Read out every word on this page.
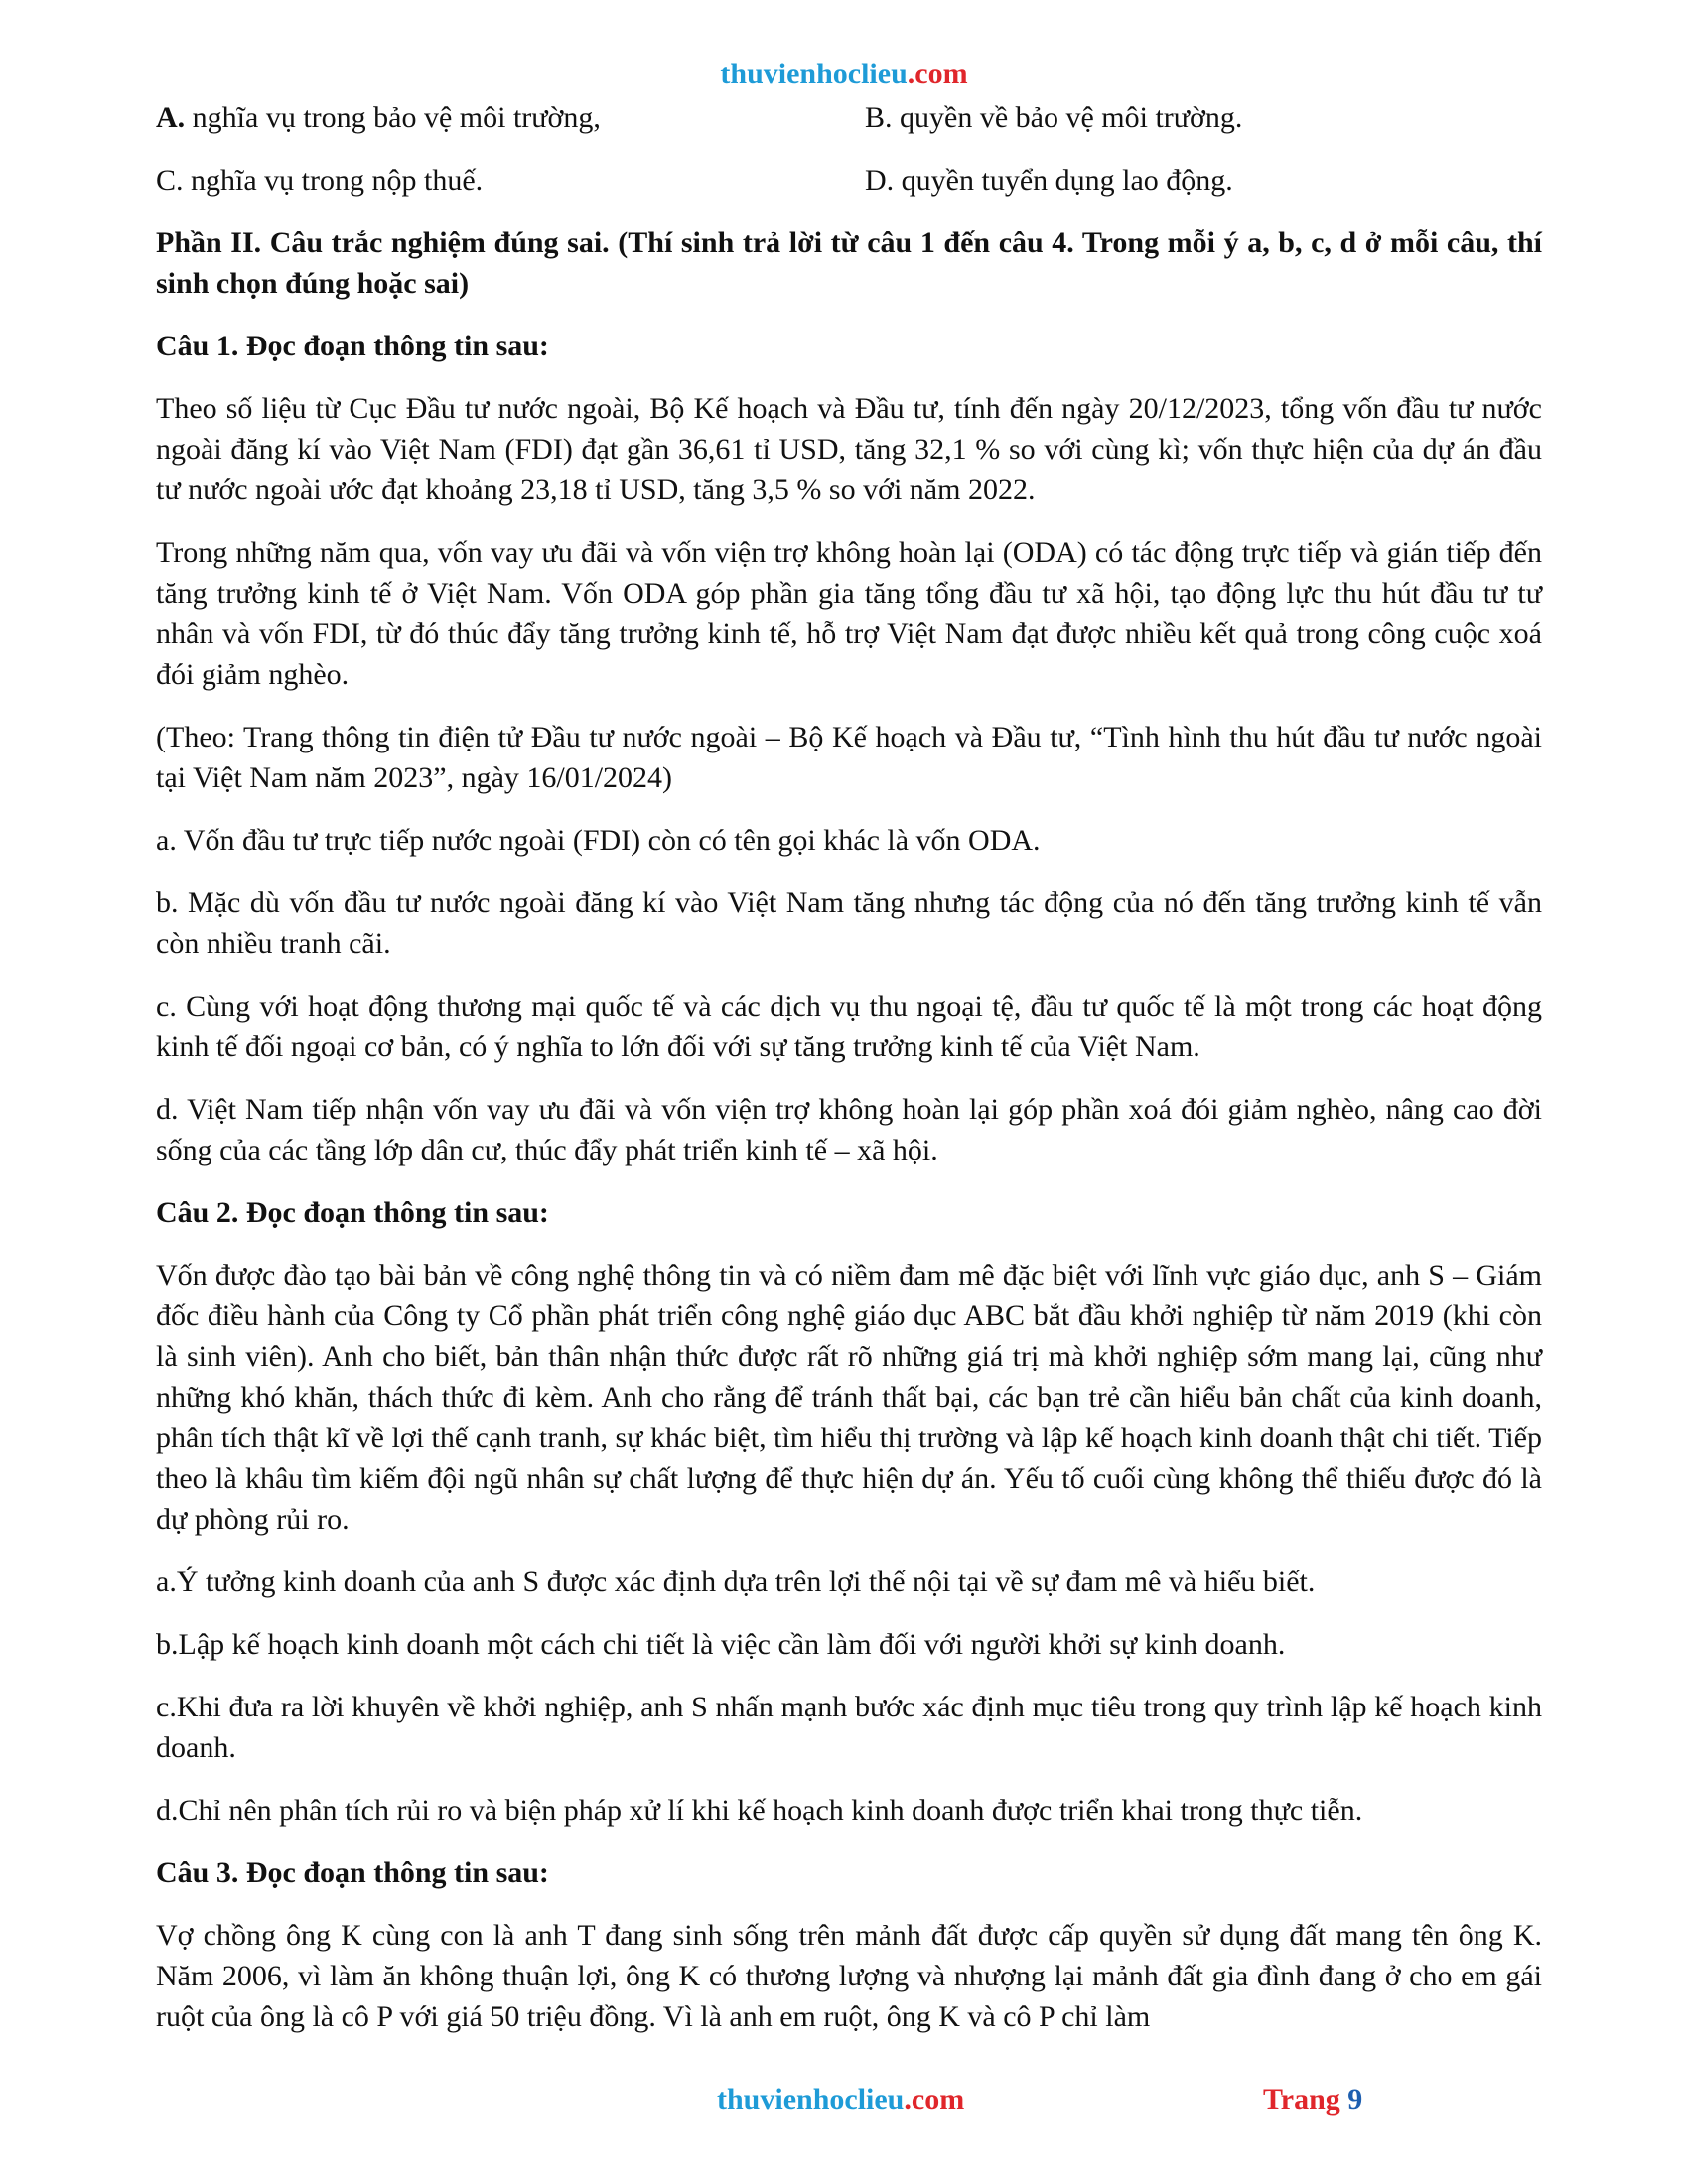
thuvienhoclieu.com
A. nghĩa vụ trong bảo vệ môi trường,	B. quyền về bảo vệ môi trường.
C. nghĩa vụ trong nộp thuế.	D. quyền tuyển dụng lao động.

Phần II. Câu trắc nghiệm đúng sai. (Thí sinh trả lời từ câu 1 đến câu 4. Trong mỗi ý a, b, c, d ở mỗi câu, thí sinh chọn đúng hoặc sai)

Câu 1. Đọc đoạn thông tin sau:

Theo số liệu từ Cục Đầu tư nước ngoài, Bộ Kế hoạch và Đầu tư, tính đến ngày 20/12/2023, tổng vốn đầu tư nước ngoài đăng kí vào Việt Nam (FDI) đạt gần 36,61 tỉ USD, tăng 32,1 % so với cùng kì; vốn thực hiện của dự án đầu tư nước ngoài ước đạt khoảng 23,18 tỉ USD, tăng 3,5 % so với năm 2022.

Trong những năm qua, vốn vay ưu đãi và vốn viện trợ không hoàn lại (ODA) có tác động trực tiếp và gián tiếp đến tăng trưởng kinh tế ở Việt Nam. Vốn ODA góp phần gia tăng tổng đầu tư xã hội, tạo động lực thu hút đầu tư tư nhân và vốn FDI, từ đó thúc đẩy tăng trưởng kinh tế, hỗ trợ Việt Nam đạt được nhiều kết quả trong công cuộc xoá đói giảm nghèo.

(Theo: Trang thông tin điện tử Đầu tư nước ngoài – Bộ Kế hoạch và Đầu tư, “Tình hình thu hút đầu tư nước ngoài tại Việt Nam năm 2023”, ngày 16/01/2024)

a. Vốn đầu tư trực tiếp nước ngoài (FDI) còn có tên gọi khác là vốn ODA.

b. Mặc dù vốn đầu tư nước ngoài đăng kí vào Việt Nam tăng nhưng tác động của nó đến tăng trưởng kinh tế vẫn còn nhiều tranh cãi.

c. Cùng với hoạt động thương mại quốc tế và các dịch vụ thu ngoại tệ, đầu tư quốc tế là một trong các hoạt động kinh tế đối ngoại cơ bản, có ý nghĩa to lớn đối với sự tăng trưởng kinh tế của Việt Nam.

d. Việt Nam tiếp nhận vốn vay ưu đãi và vốn viện trợ không hoàn lại góp phần xoá đói giảm nghèo, nâng cao đời sống của các tầng lớp dân cư, thúc đẩy phát triển kinh tế – xã hội.

Câu 2. Đọc đoạn thông tin sau:

Vốn được đào tạo bài bản về công nghệ thông tin và có niềm đam mê đặc biệt với lĩnh vực giáo dục, anh S – Giám đốc điều hành của Công ty Cổ phần phát triển công nghệ giáo dục ABC bắt đầu khởi nghiệp từ năm 2019 (khi còn là sinh viên). Anh cho biết, bản thân nhận thức được rất rõ những giá trị mà khởi nghiệp sớm mang lại, cũng như những khó khăn, thách thức đi kèm. Anh cho rằng để tránh thất bại, các bạn trẻ cần hiểu bản chất của kinh doanh, phân tích thật kĩ về lợi thế cạnh tranh, sự khác biệt, tìm hiểu thị trường và lập kế hoạch kinh doanh thật chi tiết. Tiếp theo là khâu tìm kiếm đội ngũ nhân sự chất lượng để thực hiện dự án. Yếu tố cuối cùng không thể thiếu được đó là dự phòng rủi ro.

a.Ý tưởng kinh doanh của anh S được xác định dựa trên lợi thế nội tại về sự đam mê và hiểu biết.

b.Lập kế hoạch kinh doanh một cách chi tiết là việc cần làm đối với người khởi sự kinh doanh.

c.Khi đưa ra lời khuyên về khởi nghiệp, anh S nhấn mạnh bước xác định mục tiêu trong quy trình lập kế hoạch kinh doanh.

d.Chỉ nên phân tích rủi ro và biện pháp xử lí khi kế hoạch kinh doanh được triển khai trong thực tiễn.

Câu 3. Đọc đoạn thông tin sau:

Vợ chồng ông K cùng con là anh T đang sinh sống trên mảnh đất được cấp quyền sử dụng đất mang tên ông K. Năm 2006, vì làm ăn không thuận lợi, ông K có thương lượng và nhượng lại mảnh đất gia đình đang ở cho em gái ruột của ông là cô P với giá 50 triệu đồng. Vì là anh em ruột, ông K và cô P chỉ làm

thuvienhoclieu.com	Trang 9
